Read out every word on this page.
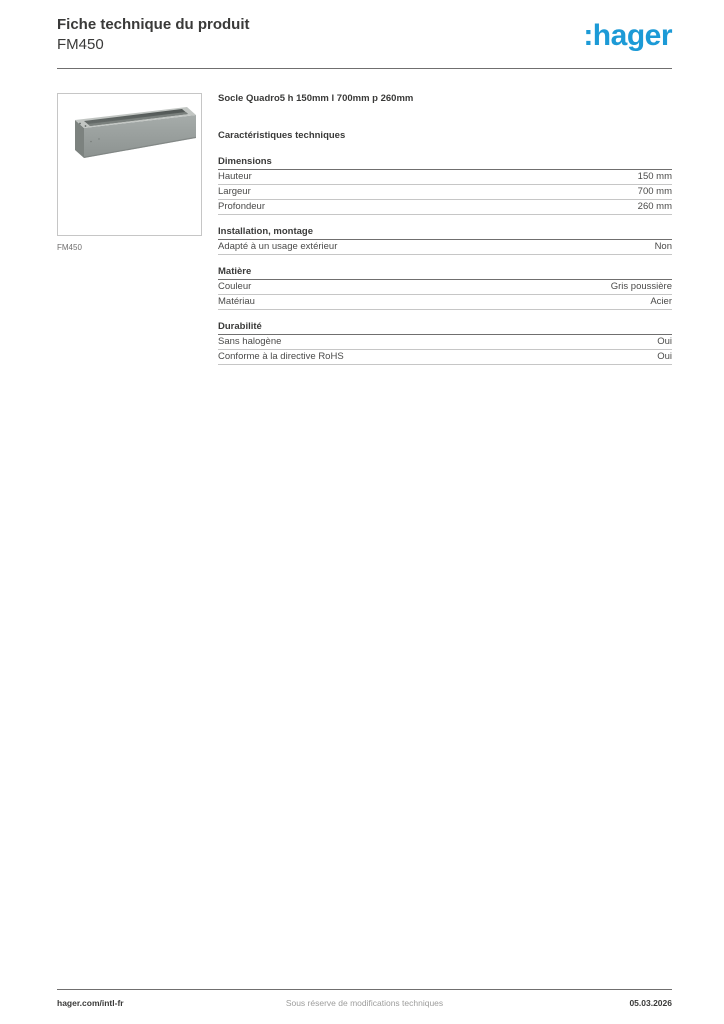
Fiche technique du produit
FM450	:hager
FM450
Socle Quadro5 h 150mm l 700mm p 260mm
Caractéristiques techniques
Dimensions
Hauteur	150 mm
Largeur	700 mm
Profondeur	260 mm
Installation, montage
Adapté à un usage extérieur	Non
Matière
Couleur	Gris poussière
Matériau	Acier
Durabilité
Sans halogène	Oui
Conforme à la directive RoHS	Oui
hager.com/intl-fr	Sous réserve de modifications techniques	05.03.2026
